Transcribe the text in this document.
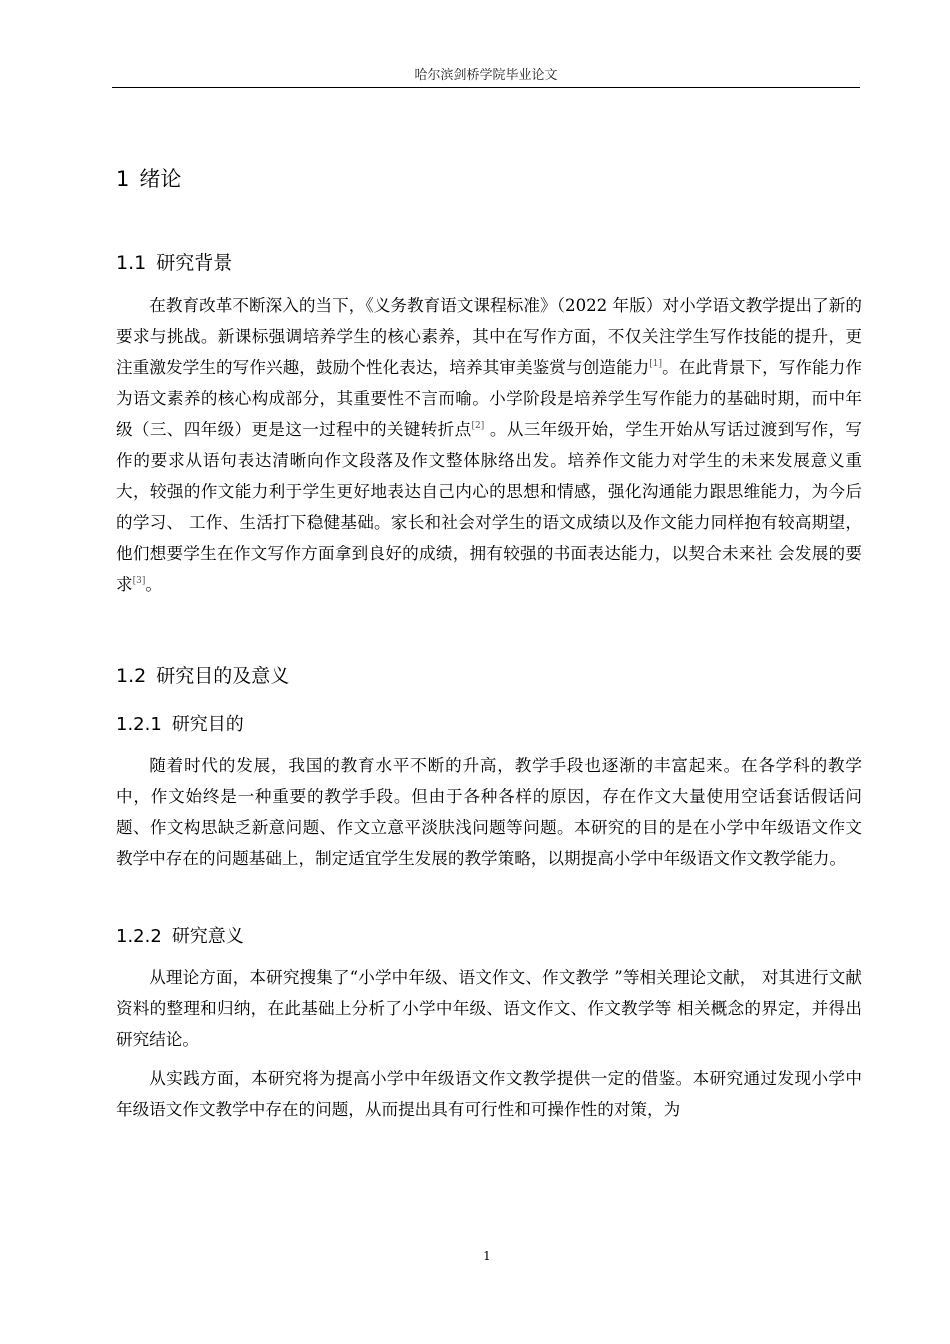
哈尔滨剑桥学院毕业论文
1 绪论
1.1 研究背景

在教育改革不断深入的当下，《义务教育语文课程标准》（2022 年版）对小学语文教学提出了新的要求与挑战。新课标强调培养学生的核心素养，其中在写作方面，不仅关注学生写作技能的提升，更注重激发学生的写作兴趣，鼓励个性化表达，培养其审美鉴赏与创造能力[1]。在此背景下，写作能力作为语文素养的核心构成部分，其重要性不言而喻。小学阶段是培养学生写作能力的基础时期，而中年级（三、四年级）更是这一过程中的关键转折点[2] 。从三年级开始，学生开始从写话过渡到写作，写作的要求从语句表达清晰向作文段落及作文整体脉络出发。培养作文能力对学生的未来发展意义重大，较强的作文能力利于学生更好地表达自己内心的思想和情感，强化沟通能力跟思维能力，为今后的学习、 工作、生活打下稳健基础。家长和社会对学生的语文成绩以及作文能力同样抱有较高期望， 他们想要学生在作文写作方面拿到良好的成绩，拥有较强的书面表达能力，以契合未来社 会发展的要求[3]。

1.2 研究目的及意义
1.2.1 研究目的

随着时代的发展，我国的教育水平不断的升高，教学手段也逐渐的丰富起来。在各学科的教学中，作文始终是一种重要的教学手段。但由于各种各样的原因，存在作文大量使用空话套话假话问题、作文构思缺乏新意问题、作文立意平淡肤浅问题等问题。本研究的目的是在小学中年级语文作文教学中存在的问题基础上，制定适宜学生发展的教学策略，以期提高小学中年级语文作文教学能力。

1.2.2 研究意义

从理论方面，本研究搜集了“小学中年级、语文作文、作文教学 ”等相关理论文献， 对其进行文献资料的整理和归纳，在此基础上分析了小学中年级、语文作文、作文教学等 相关概念的界定，并得出研究结论。

从实践方面，本研究将为提高小学中年级语文作文教学提供一定的借鉴。本研究通过发现小学中年级语文作文教学中存在的问题，从而提出具有可行性和可操作性的对策，为

1
